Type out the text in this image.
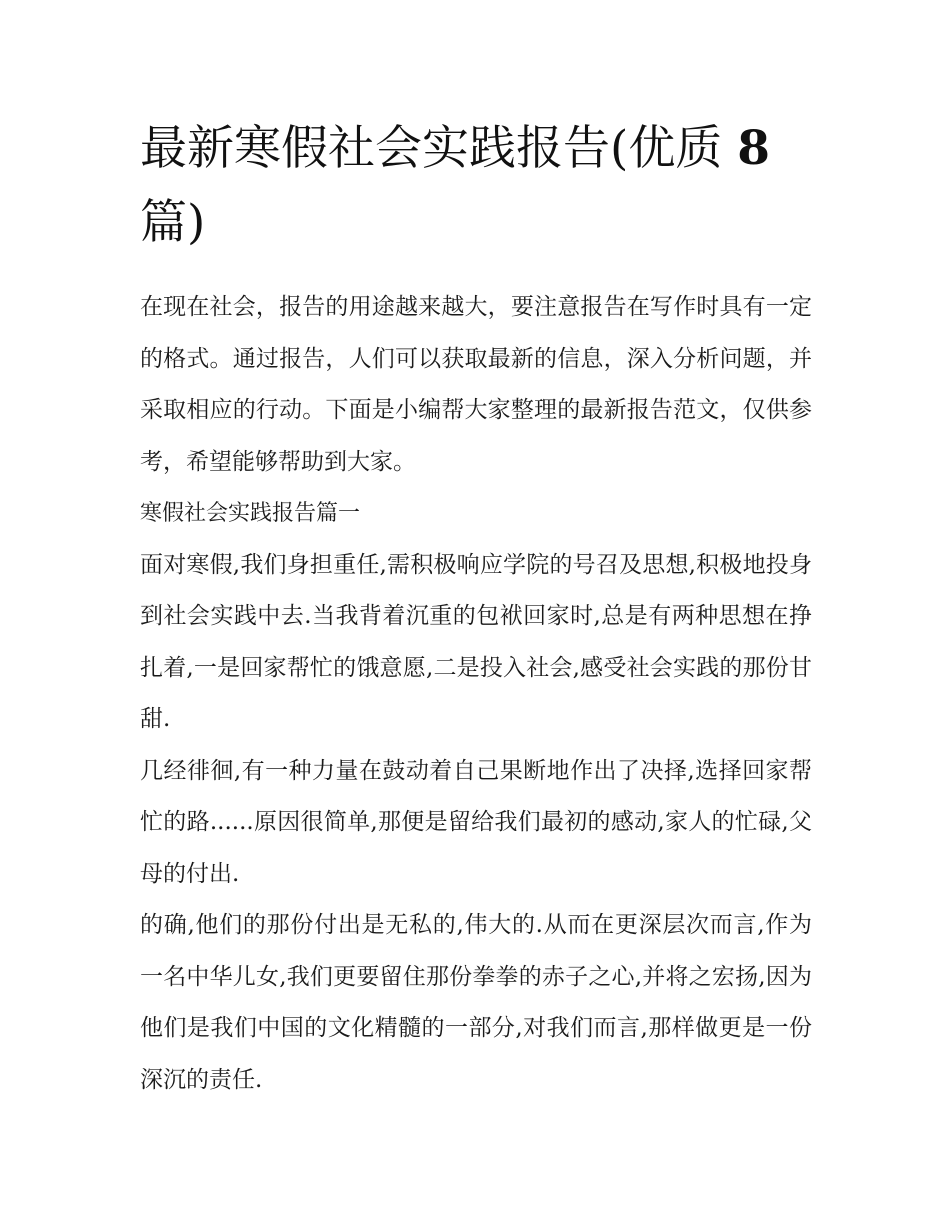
最新寒假社会实践报告(优质 8 篇)

在现在社会，报告的用途越来越大，要注意报告在写作时具有一定的格式。通过报告，人们可以获取最新的信息，深入分析问题，并采取相应的行动。下面是小编帮大家整理的最新报告范文，仅供参考，希望能够帮助到大家。

寒假社会实践报告篇一

面对寒假,我们身担重任,需积极响应学院的号召及思想,积极地投身到社会实践中去.当我背着沉重的包袱回家时,总是有两种思想在挣扎着,一是回家帮忙的饿意愿,二是投入社会,感受社会实践的那份甘甜.

几经徘徊,有一种力量在鼓动着自己果断地作出了决择,选择回家帮忙的路......原因很简单,那便是留给我们最初的感动,家人的忙碌,父母的付出.

的确,他们的那份付出是无私的,伟大的.从而在更深层次而言,作为一名中华儿女,我们更要留住那份拳拳的赤子之心,并将之宏扬,因为他们是我们中国的文化精髓的一部分,对我们而言,那样做更是一份深沉的责任.
